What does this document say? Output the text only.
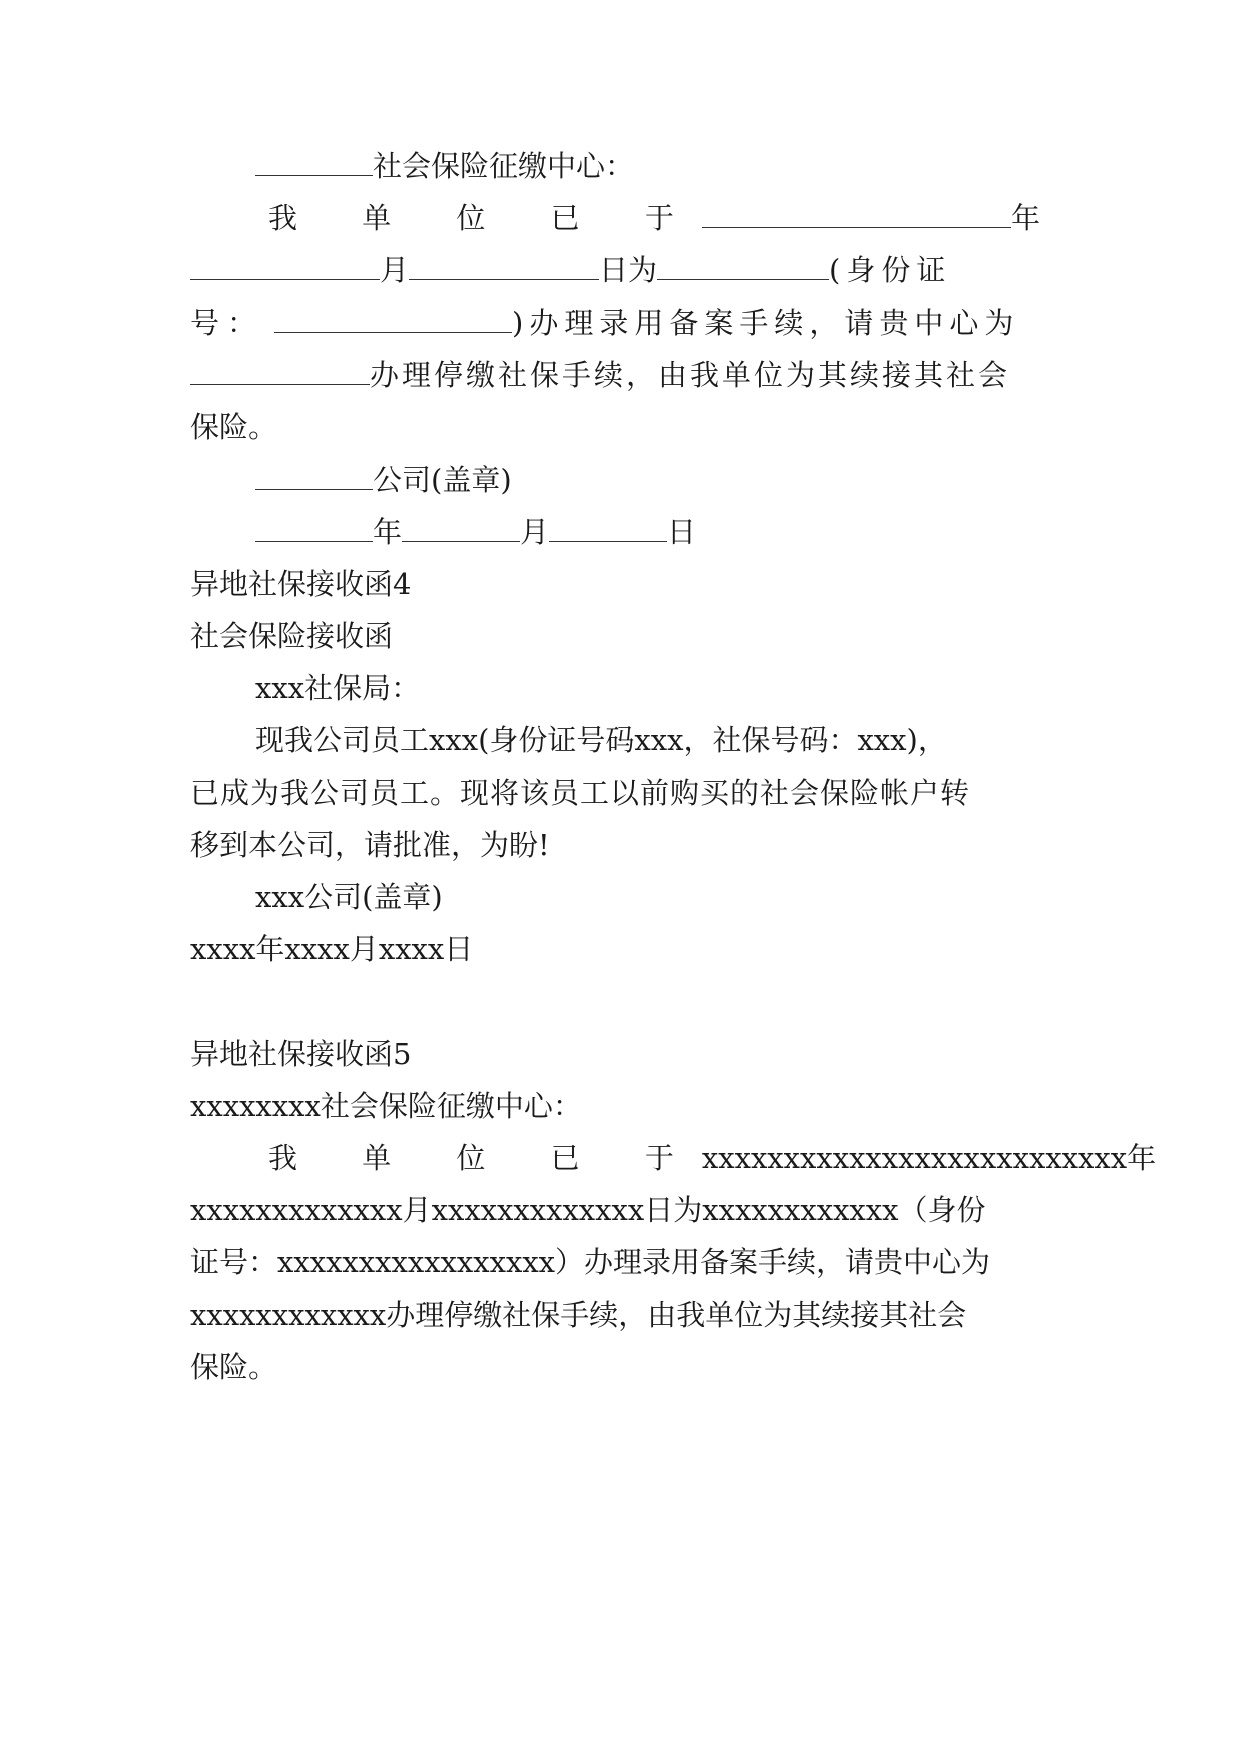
社会保险征缴中心：
我 单 位 已 于	年
月	日为	(身份证
号：	)办理录用备案手续，请贵中心为
办理停缴社保手续，由我单位为其续接其社会
保险。
公司(盖章)
年	月	日
异地社保接收函4
社会保险接收函
xxx社保局：
现我公司员工xxx(身份证号码xxx，社保号码：xxx)，
已成为我公司员工。现将该员工以前购买的社会保险帐户转
移到本公司，请批准，为盼!
xxx公司(盖章)
xxxx年xxxx月xxxx日
异地社保接收函5
xxxxxxxx社会保险征缴中心：
我 单 位 已 于 xxxxxxxxxxxxxxxxxxxxxxxxxx 年
xxxxxxxxxxxxx月xxxxxxxxxxxxx日为xxxxxxxxxxxx（身份
证号：xxxxxxxxxxxxxxxxx）办理录用备案手续，请贵中心为
xxxxxxxxxxxx办理停缴社保手续，由我单位为其续接其社会
保险。
